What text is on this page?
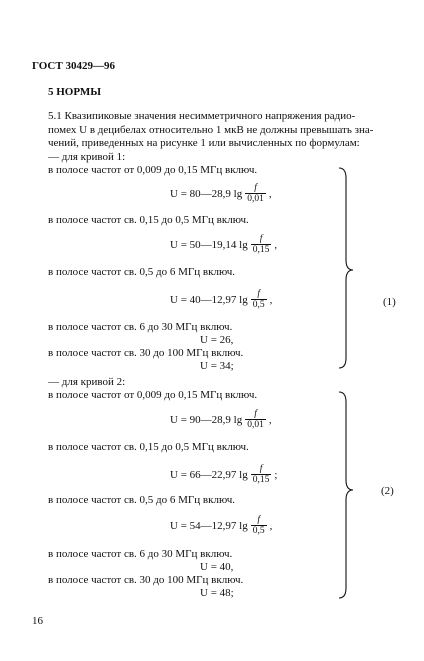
ГОСТ 30429—96
5 НОРМЫ
5.1 Квазипиковые значения несимметричного напряжения радио-
помех U в децибелах относительно 1 мкВ не должны превышать зна-
чений, приведенных на рисунке 1 или вычисленных по формулам:
— для кривой 1:
в полосе частот от 0,009 до 0,15 МГц включ.
U = 80—28,9 $\lg \frac{f}{0,01}$ ,
в полосе частот св. 0,15 до 0,5 МГц включ.
U = 50—19,14 $\lg \frac{f}{0,15}$ ,
в полосе частот св. 0,5 до 6 МГц включ.
U = 40—12,97 $\lg \frac{f}{0,5}$ ,
в полосе частот св. 6 до 30 МГц включ.
U = 26,
в полосе частот св. 30 до 100 МГц включ.
U = 34;
(1)
— для кривой 2:
в полосе частот от 0,009 до 0,15 МГц включ.
U = 90—28,9 $\lg \frac{f}{0,01}$ ,
в полосе частот св. 0,15 до 0,5 МГц включ.
U = 66—22,97 $\lg \frac{f}{0,15}$ ;
в полосе частот св. 0,5 до 6 МГц включ.
U = 54—12,97 $\lg \frac{f}{0,5}$ ,
в полосе частот св. 6 до 30 МГц включ.
U = 40,
в полосе частот св. 30 до 100 МГц включ.
U = 48;
(2)
16
